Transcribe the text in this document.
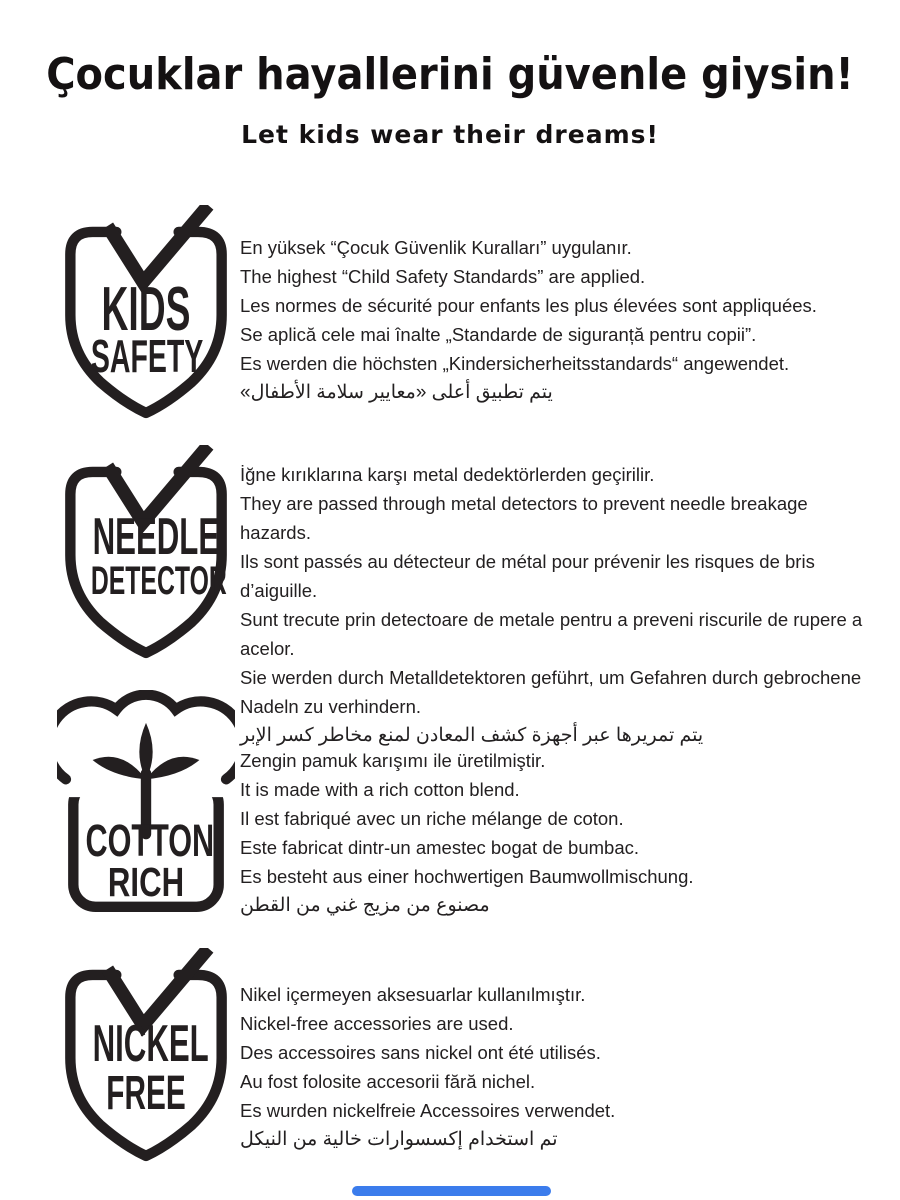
Çocuklar hayallerini güvenle giysin!
Let kids wear their dreams!
KIDS
SAFETY
En yüksek “Çocuk Güvenlik Kuralları” uygulanır.
The highest “Child Safety Standards” are applied.
Les normes de sécurité pour enfants les plus élevées sont appliquées.
Se aplică cele mai înalte „Standarde de siguranță pentru copii”.
Es werden die höchsten „Kindersicherheitsstandards“ angewendet.
يتم تطبيق أعلى «معايير سلامة الأطفال»
NEEDLE
DETECTOR
İğne kırıklarına karşı metal dedektörlerden geçirilir.
They are passed through metal detectors to prevent needle breakage hazards.
Ils sont passés au détecteur de métal pour prévenir les risques de bris d’aiguille.
Sunt trecute prin detectoare de metale pentru a preveni riscurile de rupere a acelor.
Sie werden durch Metalldetektoren geführt, um Gefahren durch gebrochene
Nadeln zu verhindern.
يتم تمريرها عبر أجهزة كشف المعادن لمنع مخاطر كسر الإبر
COTTON
RICH
Zengin pamuk karışımı ile üretilmiştir.
It is made with a rich cotton blend.
Il est fabriqué avec un riche mélange de coton.
Este fabricat dintr-un amestec bogat de bumbac.
Es besteht aus einer hochwertigen Baumwollmischung.
مصنوع من مزيج غني من القطن
NICKEL
FREE
Nikel içermeyen aksesuarlar kullanılmıştır.
Nickel-free accessories are used.
Des accessoires sans nickel ont été utilisés.
Au fost folosite accesorii fără nichel.
Es wurden nickelfreie Accessoires verwendet.
تم استخدام إكسسوارات خالية من النيكل
